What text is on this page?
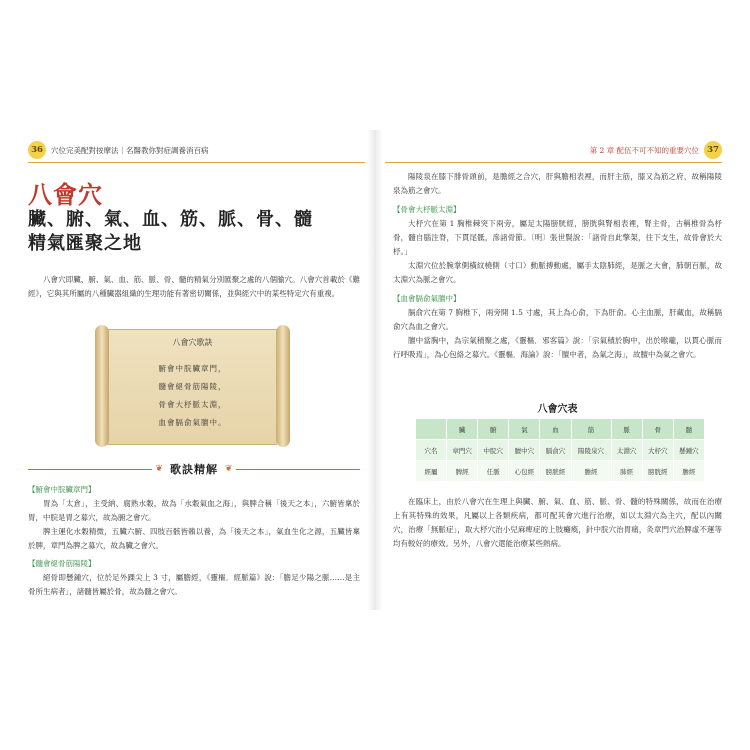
36	穴位完美配對按摩法｜名醫教你對症調養消百病
八會穴
臟、腑、氣、血、筋、脈、骨、髓
精氣匯聚之地

八會穴即臟、腑、氣、血、筋、脈、骨、髓的精氣分別匯聚之處的八個腧穴。八會穴首載於《難經》，它與其所屬的八種臟器組織的生理功能有著密切關係，並與經穴中的某些特定穴有重複。

八會穴歌訣
腑會中脘臟章門，
髓會絕骨筋陽陵，
骨會大杼脈太淵，
血會膈俞氣膻中。
❦ 歌訣精解 ❦

【腑會中脘臟章門】

胃為「太倉」，主受納、腐熟水穀，故為「水穀氣血之海」，與脾合稱「後天之本」，六腑皆稟於胃，中脘是胃之募穴，故為腑之會穴。

脾主運化水穀精微，五臟六腑、四肢百骸皆賴以養，為「後天之本」，氣血生化之源，五臟皆稟於脾，章門為脾之募穴，故為臟之會穴。

【髓會絕骨筋陽陵】

絕骨即懸鍾穴，位於足外踝尖上 3 寸，屬膽經，《靈樞．經脈篇》說：「膽足少陽之脈……是主骨所生病者」，諸髓皆屬於骨，故為髓之會穴。

第 2 章 配伍不可不知的重要穴位 37

陽陵泉在膝下腓骨頭前，是膽經之合穴，肝與膽相表裡，而肝主筋，膝又為筋之府，故稱陽陵泉為筋之會穴。

【骨會大杼脈太淵】

大杼穴在第 1 胸椎棘突下兩旁，屬足太陽膀胱經，膀胱與腎相表裡，腎主骨，古稱椎骨為杼骨，髓自腦注脊，下貫尾骶，滲諸骨節。〔明〕張世賢說：「諸骨自此擎架，往下支生，故骨會於大杼。」

太淵穴位於腕掌側橫紋橈側（寸口）動脈搏動處，屬手太陰肺經，是脈之大會，肺朝百脈，故太淵穴為脈之會穴。

【血會膈俞氣膻中】

膈俞穴在第 7 胸椎下，兩旁開 1.5 寸處，其上為心俞，下為肝俞。心主血脈，肝藏血，故稱膈俞穴為血之會穴。

膻中當胸中，為宗氣積聚之處，《靈樞．邪客篇》說：「宗氣積於胸中，出於喉嚨，以貫心脈而行呼吸焉」，為心包絡之募穴。《靈樞．海論》說：「膻中者，為氣之海」，故膻中為氣之會穴。

八會穴表
	臟	腑	氣	血	筋	脈	骨	髓
穴名	章門穴	中脘穴	膻中穴	膈俞穴	陽陵泉穴	太淵穴	大杼穴	懸鍾穴
經屬	脾經	任脈	心包經	膀胱經	膽經	肺經	膀胱經	膽經

在臨床上，由於八會穴在生理上與臟、腑、氣、血、筋、脈、骨、髓的特殊關係，故而在治療上有其特殊的效果，凡屬以上各類疾病，都可配其會穴進行治療，如以太淵穴為主穴，配以內關穴，治療「無脈症」，取大杼穴治小兒麻痺症的上肢癱瘓，針中脘穴治胃痛，灸章門穴治脾虛不運等均有較好的療效。另外，八會穴還能治療某些熱病。
